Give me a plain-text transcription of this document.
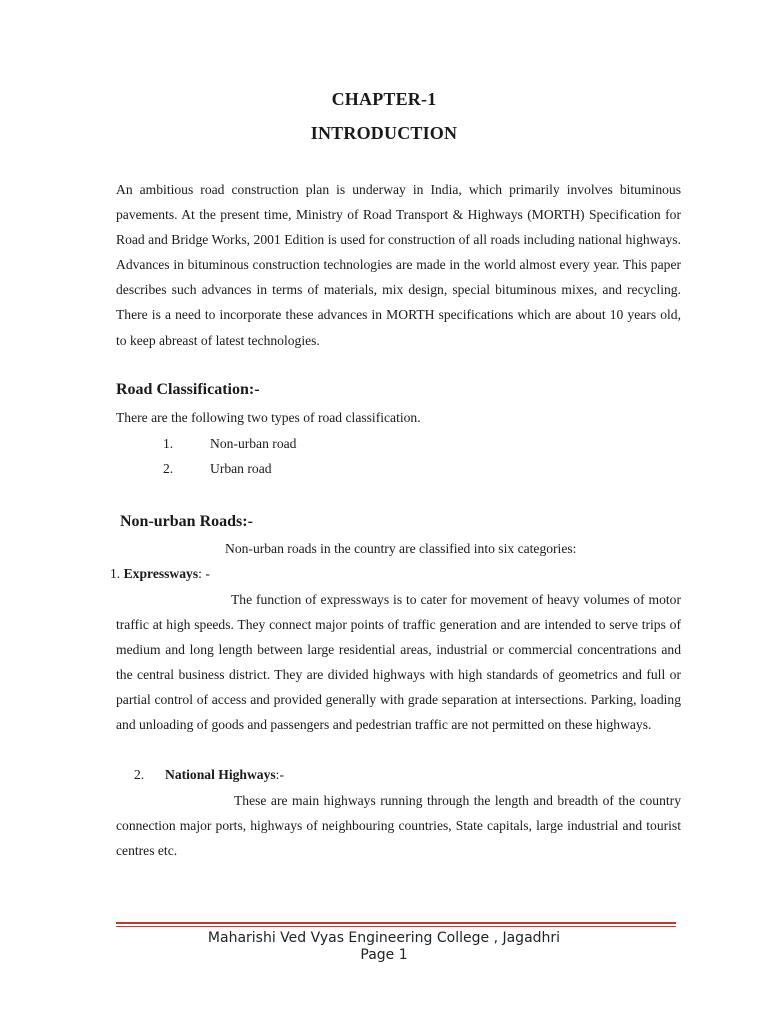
CHAPTER-1
INTRODUCTION

An ambitious road construction plan is underway in India, which primarily involves bituminous pavements. At the present time, Ministry of Road Transport & Highways (MORTH) Specification for Road and Bridge Works, 2001 Edition is used for construction of all roads including national highways. Advances in bituminous construction technologies are made in the world almost every year. This paper describes such advances in terms of materials, mix design, special bituminous mixes, and recycling. There is a need to incorporate these advances in MORTH specifications which are about 10 years old, to keep abreast of latest technologies.

Road Classification:-

There are the following two types of road classification.

1.	Non-urban road
2.	Urban road

Non-urban Roads:-

Non-urban roads in the country are classified into six categories:

1. Expressways: -

The function of expressways is to cater for movement of heavy volumes of motor traffic at high speeds. They connect major points of traffic generation and are intended to serve trips of medium and long length between large residential areas, industrial or commercial concentrations and the central business district. They are divided highways with high standards of geometrics and full or partial control of access and provided generally with grade separation at intersections. Parking, loading and unloading of goods and passengers and pedestrian traffic are not permitted on these highways.

2. National Highways:-

These are main highways running through the length and breadth of the country connection major ports, highways of neighbouring countries, State capitals, large industrial and tourist centres etc.

Maharishi Ved Vyas Engineering College , Jagadhri
Page 1
